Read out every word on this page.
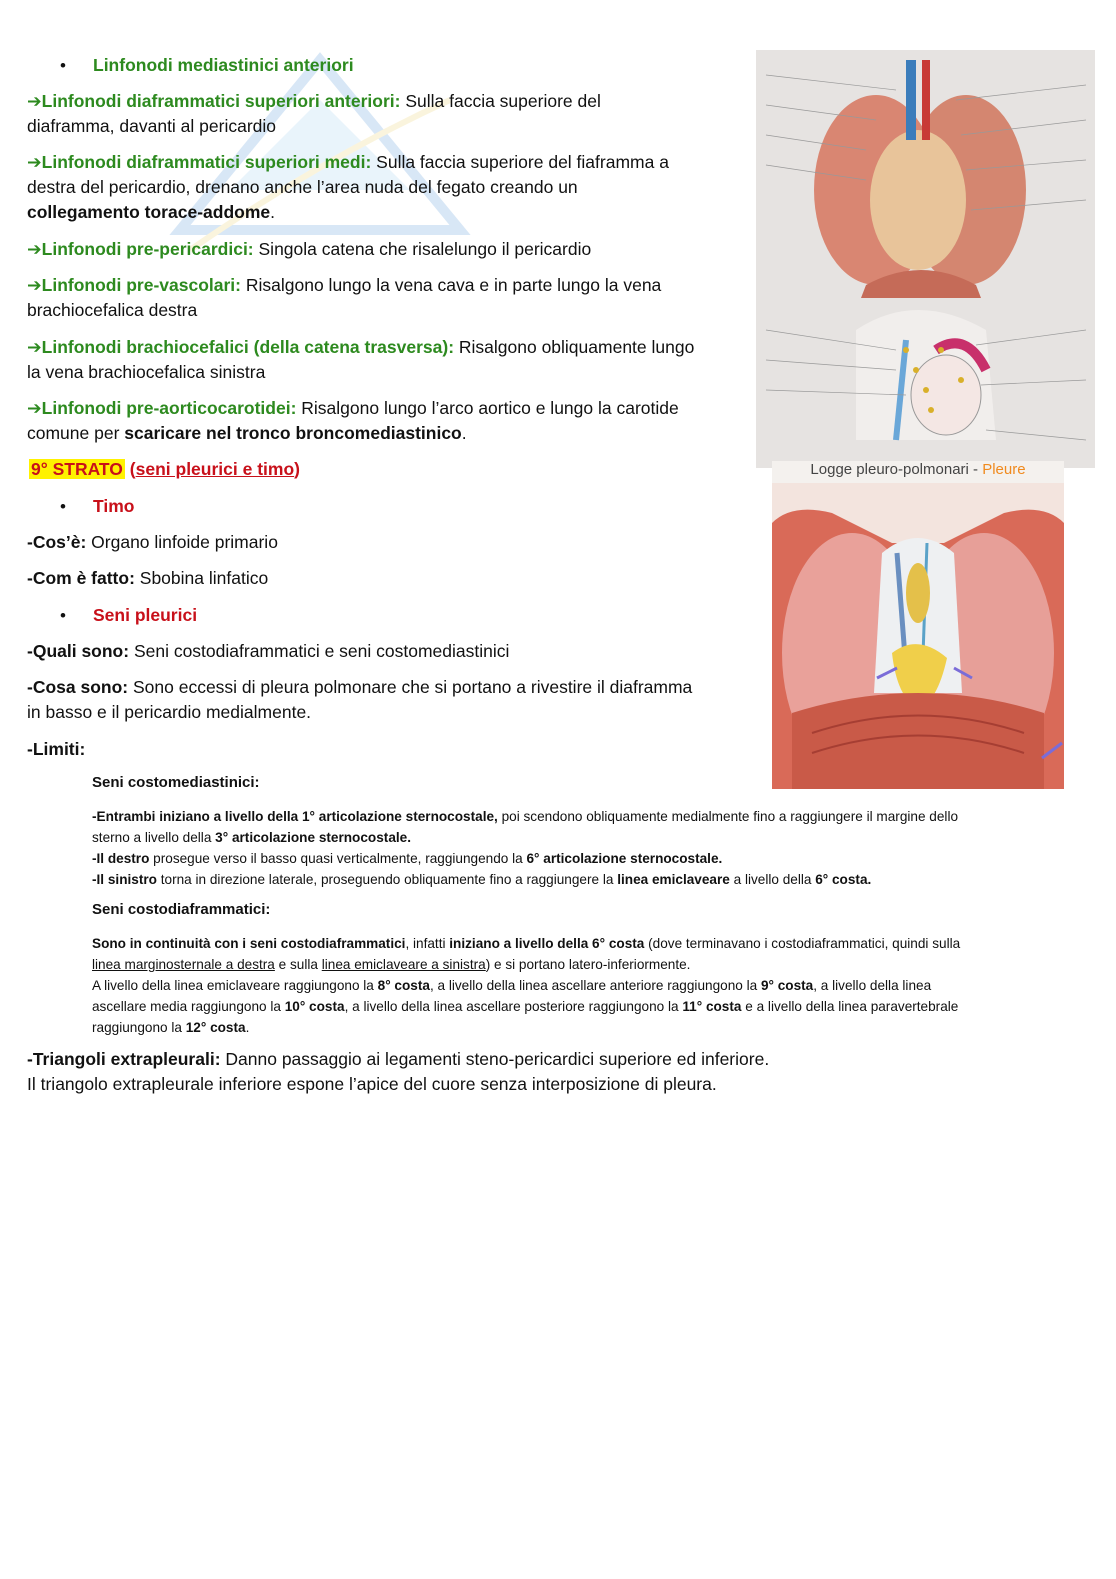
• Linfonodi mediastinici anteriori

➔Linfonodi diaframmatici superiori anteriori: Sulla faccia superiore del

diaframma, davanti al pericardio

➔Linfonodi diaframmatici superiori medi: Sulla faccia superiore del fiaframma a

destra del pericardio, drenano anche l’area nuda del fegato creando un

collegamento torace-addome.

➔Linfonodi pre-pericardici: Singola catena che risalelungo il pericardio

➔Linfonodi pre-vascolari: Risalgono lungo la vena cava e in parte lungo la vena

brachiocefalica destra

➔Linfonodi brachiocefalici (della catena trasversa): Risalgono obliquamente lungo

la vena brachiocefalica sinistra

➔Linfonodi pre-aorticocarotidei: Risalgono lungo l’arco aortico e lungo la carotide

comune per scaricare nel tronco broncomediastinico.

9° STRATO (seni pleurici e timo)

• Timo

-Cos’è: Organo linfoide primario

-Com è fatto: Sbobina linfatico

• Seni pleurici

-Quali sono: Seni costodiaframmatici e seni costomediastinici

-Cosa sono: Sono eccessi di pleura polmonare che si portano a rivestire il diaframma

in basso e il pericardio medialmente.

-Limiti:

Seni costomediastinici:

-Entrambi iniziano a livello della 1° articolazione sternocostale, poi scendono obliquamente medialmente fino a raggiungere il margine dello
sterno a livello della 3° articolazione sternocostale.
-Il destro prosegue verso il basso quasi verticalmente, raggiungendo la 6° articolazione sternocostale.
-Il sinistro torna in direzione laterale, proseguendo obliquamente fino a raggiungere la linea emiclaveare a livello della 6° costa.

Seni costodiaframmatici:

Sono in continuità con i seni costodiaframmatici, infatti iniziano a livello della 6° costa (dove terminavano i costodiaframmatici, quindi sulla
linea marginosternale a destra e sulla linea emiclaveare a sinistra) e si portano latero-inferiormente.
A livello della linea emiclaveare raggiungono la 8° costa, a livello della linea ascellare anteriore raggiungono la 9° costa, a livello della linea
ascellare media raggiungono la 10° costa, a livello della linea ascellare posteriore raggiungono la 11° costa e a livello della linea paravertebrale
raggiungono la 12° costa.

-Triangoli extrapleurali: Danno passaggio ai legamenti steno-pericardici superiore ed inferiore.

Il triangolo extrapleurale inferiore espone l’apice del cuore senza interposizione di pleura.

Logge pleuro-polmonari - Pleure
